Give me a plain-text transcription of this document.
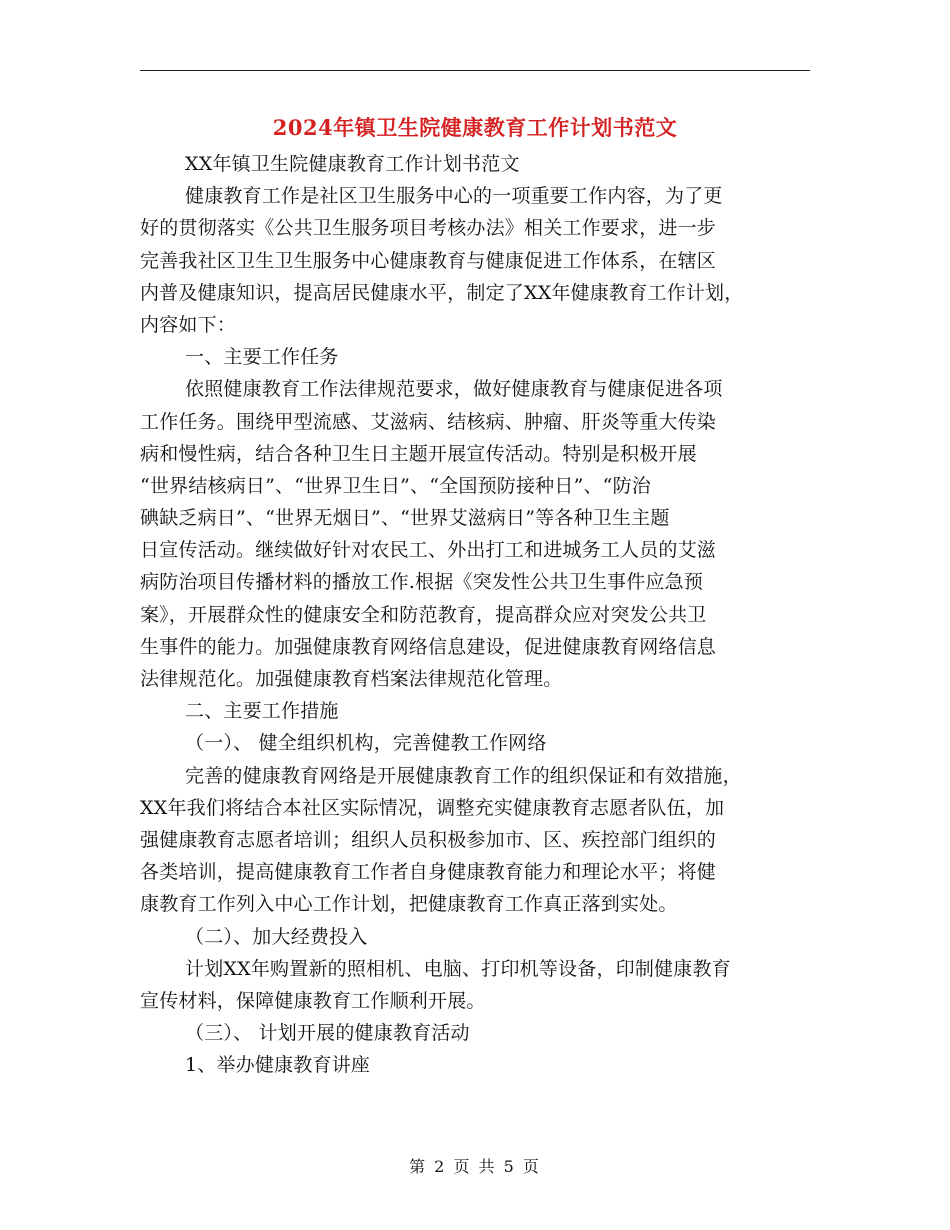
2024年镇卫生院健康教育工作计划书范文
XX年镇卫生院健康教育工作计划书范文
健康教育工作是社区卫生服务中心的一项重要工作内容，为了更
好的贯彻落实《公共卫生服务项目考核办法》相关工作要求，进一步
完善我社区卫生卫生服务中心健康教育与健康促进工作体系，在辖区
内普及健康知识，提高居民健康水平，制定了XX年健康教育工作计划，
内容如下：
一、主要工作任务
依照健康教育工作法律规范要求，做好健康教育与健康促进各项
工作任务。围绕甲型流感、艾滋病、结核病、肿瘤、肝炎等重大传染
病和慢性病，结合各种卫生日主题开展宣传活动。特别是积极开展
“世界结核病日”、“世界卫生日”、“全国预防接种日”、“防治
碘缺乏病日”、“世界无烟日”、“世界艾滋病日”等各种卫生主题
日宣传活动。继续做好针对农民工、外出打工和进城务工人员的艾滋
病防治项目传播材料的播放工作.根据《突发性公共卫生事件应急预
案》，开展群众性的健康安全和防范教育，提高群众应对突发公共卫
生事件的能力。加强健康教育网络信息建设，促进健康教育网络信息
法律规范化。加强健康教育档案法律规范化管理。
二、主要工作措施
（一）、 健全组织机构，完善健教工作网络
完善的健康教育网络是开展健康教育工作的组织保证和有效措施，
XX年我们将结合本社区实际情况，调整充实健康教育志愿者队伍，加
强健康教育志愿者培训；组织人员积极参加市、区、疾控部门组织的
各类培训，提高健康教育工作者自身健康教育能力和理论水平；将健
康教育工作列入中心工作计划，把健康教育工作真正落到实处。
（二）、加大经费投入
计划XX年购置新的照相机、电脑、打印机等设备，印制健康教育
宣传材料，保障健康教育工作顺利开展。
（三）、 计划开展的健康教育活动
1、举办健康教育讲座
第 2 页 共 5 页
